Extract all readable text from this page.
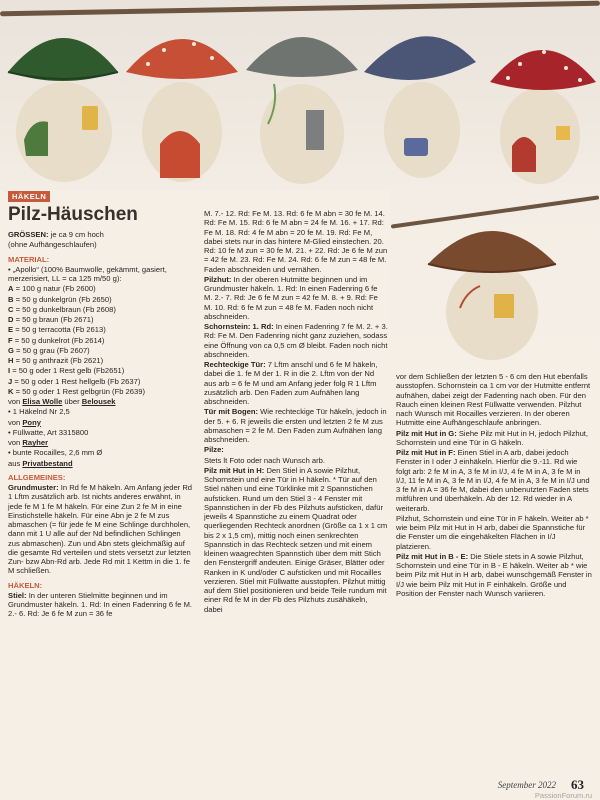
HÄKELN
Pilz-Häuschen

GRÖSSEN: je ca 9 cm hoch

(ohne Aufhängeschlaufen)

MATERIAL:

• „Apollo“ (100% Baumwolle, gekämmt, gasiert, merzerisiert, LL = ca 125 m/50 g):

A = 100 g natur (Fb 2600)

B = 50 g dunkelgrün (Fb 2650)

C = 50 g dunkelbraun (Fb 2608)

D = 50 g braun (Fb 2671)

E = 50 g terracotta (Fb 2613)

F = 50 g dunkelrot (Fb 2614)

G = 50 g grau (Fb 2607)

H = 50 g anthrazit (Fb 2621)

I = 50 g oder 1 Rest gelb (Fb2651)

J = 50 g oder 1 Rest hellgelb (Fb 2637)

K = 50 g oder 1 Rest gelbgrün (Fb 2639)

von Elisa Wolle über Belousek

• 1 Häkelnd Nr 2,5

von Pony

• Füllwatte, Art 3315800

von Rayher

• bunte Rocailles, 2,6 mm Ø

aus Privatbestand

ALLGEMEINES:

Grundmuster: In Rd fe M häkeln. Am Anfang jeder Rd 1 Lftm zusätzlich arb. Ist nichts anderes erwähnt, in jede fe M 1 fe M häkeln. Für eine Zun 2 fe M in eine Einstichstelle häkeln. Für eine Abn je 2 fe M zus abmaschen (= für jede fe M eine Schlinge durchholen, dann mit 1 U alle auf der Nd befindlichen Schlingen zus abmaschen). Zun und Abn stets gleichmäßig auf die gesamte Rd verteilen und stets versetzt zur letzten Zun- bzw Abn-Rd arb. Jede Rd mit 1 Kettm in die 1. fe M schließen.

HÄKELN:

Stiel: In der unteren Stielmitte beginnen und im Grundmuster häkeln. 1. Rd: In einen Fadenring 6 fe M. 2.- 6. Rd: Je 6 fe M zun = 36 fe

M. 7.- 12. Rd: Fe M. 13. Rd: 6 fe M abn = 30 fe M. 14. Rd: Fe M. 15. Rd: 6 fe M abn = 24 fe M. 16. + 17. Rd: Fe M. 18. Rd: 4 fe M abn = 20 fe M. 19. Rd: Fe M, dabei stets nur in das hintere M-Glied einstechen. 20. Rd: 10 fe M zun = 30 fe M. 21. + 22. Rd: Je 6 fe M zun = 42 fe M. 23. Rd: Fe M. 24. Rd: 6 fe M zun = 48 fe M. Faden abschneiden und vernähen.

Pilzhut: In der oberen Hutmitte beginnen und im Grundmuster häkeln. 1. Rd: In einen Fadenring 6 fe M. 2.- 7. Rd: Je 6 fe M zun = 42 fe M. 8. + 9. Rd: Fe M. 10. Rd: 6 fe M zun = 48 fe M. Faden noch nicht abschneiden.

Schornstein: 1. Rd: In einen Fadenring 7 fe M. 2. + 3. Rd: Fe M. Den Fadenring nicht ganz zuziehen, sodass eine Öffnung von ca 0,5 cm Ø bleibt. Faden noch nicht abschneiden.

Rechteckige Tür: 7 Lftm anschl und 6 fe M häkeln, dabei die 1. fe M der 1. R in die 2. Lftm von der Nd aus arb = 6 fe M und am Anfang jeder folg R 1 Lftm zusätzlich arb. Den Faden zum Aufnähen lang abschneiden.

Tür mit Bogen: Wie rechteckige Tür häkeln, jedoch in der 5. + 6. R jeweils die ersten und letzten 2 fe M zus abmaschen = 2 fe M. Den Faden zum Aufnähen lang abschneiden.

Pilze:

Stets lt Foto oder nach Wunsch arb.

Pilz mit Hut in H: Den Stiel in A sowie Pilzhut, Schornstein und eine Tür in H häkeln. * Tür auf den Stiel nähen und eine Türklinke mit 2 Spannstichen aufsticken. Rund um den Stiel 3 - 4 Fenster mit Spannstichen in der Fb des Pilzhuts aufsticken, dafür jeweils 4 Spannstiche zu einem Quadrat oder querliegenden Rechteck anordnen (Größe ca 1 x 1 cm bis 2 x 1,5 cm), mittig noch einen senkrechten Spannstich in das Rechteck setzen und mit einem kleinen waagrechten Spannstich über dem mitt Stich den Fenstergriff andeuten. Einige Gräser, Blätter oder Ranken in K und/oder C aufsticken und mit Rocailles verzieren. Stiel mit Füllwatte ausstopfen. Pilzhut mittig auf dem Stiel positionieren und beide Teile rundum mit einer Rd fe M in der Fb des Pilzhuts zusähäkeln, dabei

vor dem Schließen der letzten 5 - 6 cm den Hut ebenfalls ausstopfen. Schornstein ca 1 cm vor der Hutmitte entfernt aufnähen, dabei zeigt der Fadenring nach oben. Für den Rauch einen kleinen Rest Füllwatte verwenden. Pilzhut nach Wunsch mit Rocailles verzieren. In der oberen Hutmitte eine Aufhängeschlaufe anbringen.

Pilz mit Hut in G: Siehe Pilz mit Hut in H, jedoch Pilzhut, Schornstein und eine Tür in G häkeln.

Pilz mit Hut in F: Einen Stiel in A arb, dabei jedoch Fenster in I oder J einhäkeln. Hierfür die 9.-11. Rd wie folgt arb: 2 fe M in A, 3 fe M in I/J, 4 fe M in A, 3 fe M in I/J, 11 fe M in A, 3 fe M in I/J, 4 fe M in A, 3 fe M in I/J und 3 fe M in A = 36 fe M, dabei den unbenutzten Faden stets mitführen und überhäkeln. Ab der 12. Rd wieder in A weiterarb.

Pilzhut, Schornstein und eine Tür in F häkeln. Weiter ab * wie beim Pilz mit Hut in H arb, dabei die Spannstiche für die Fenster um die eingehäkelten Flächen in I/J platzieren.

Pilz mit Hut in B - E: Die Stiele stets in A sowie Pilzhut, Schornstein und eine Tür in B - E häkeln. Weiter ab * wie beim Pilz mit Hut in H arb, dabei wunschgemäß Fenster in I/J wie beim Pilz mit Hut in F einhäkeln. Größe und Position der Fenster nach Wunsch variieren.

September 2022 63
PassionForum.ru
